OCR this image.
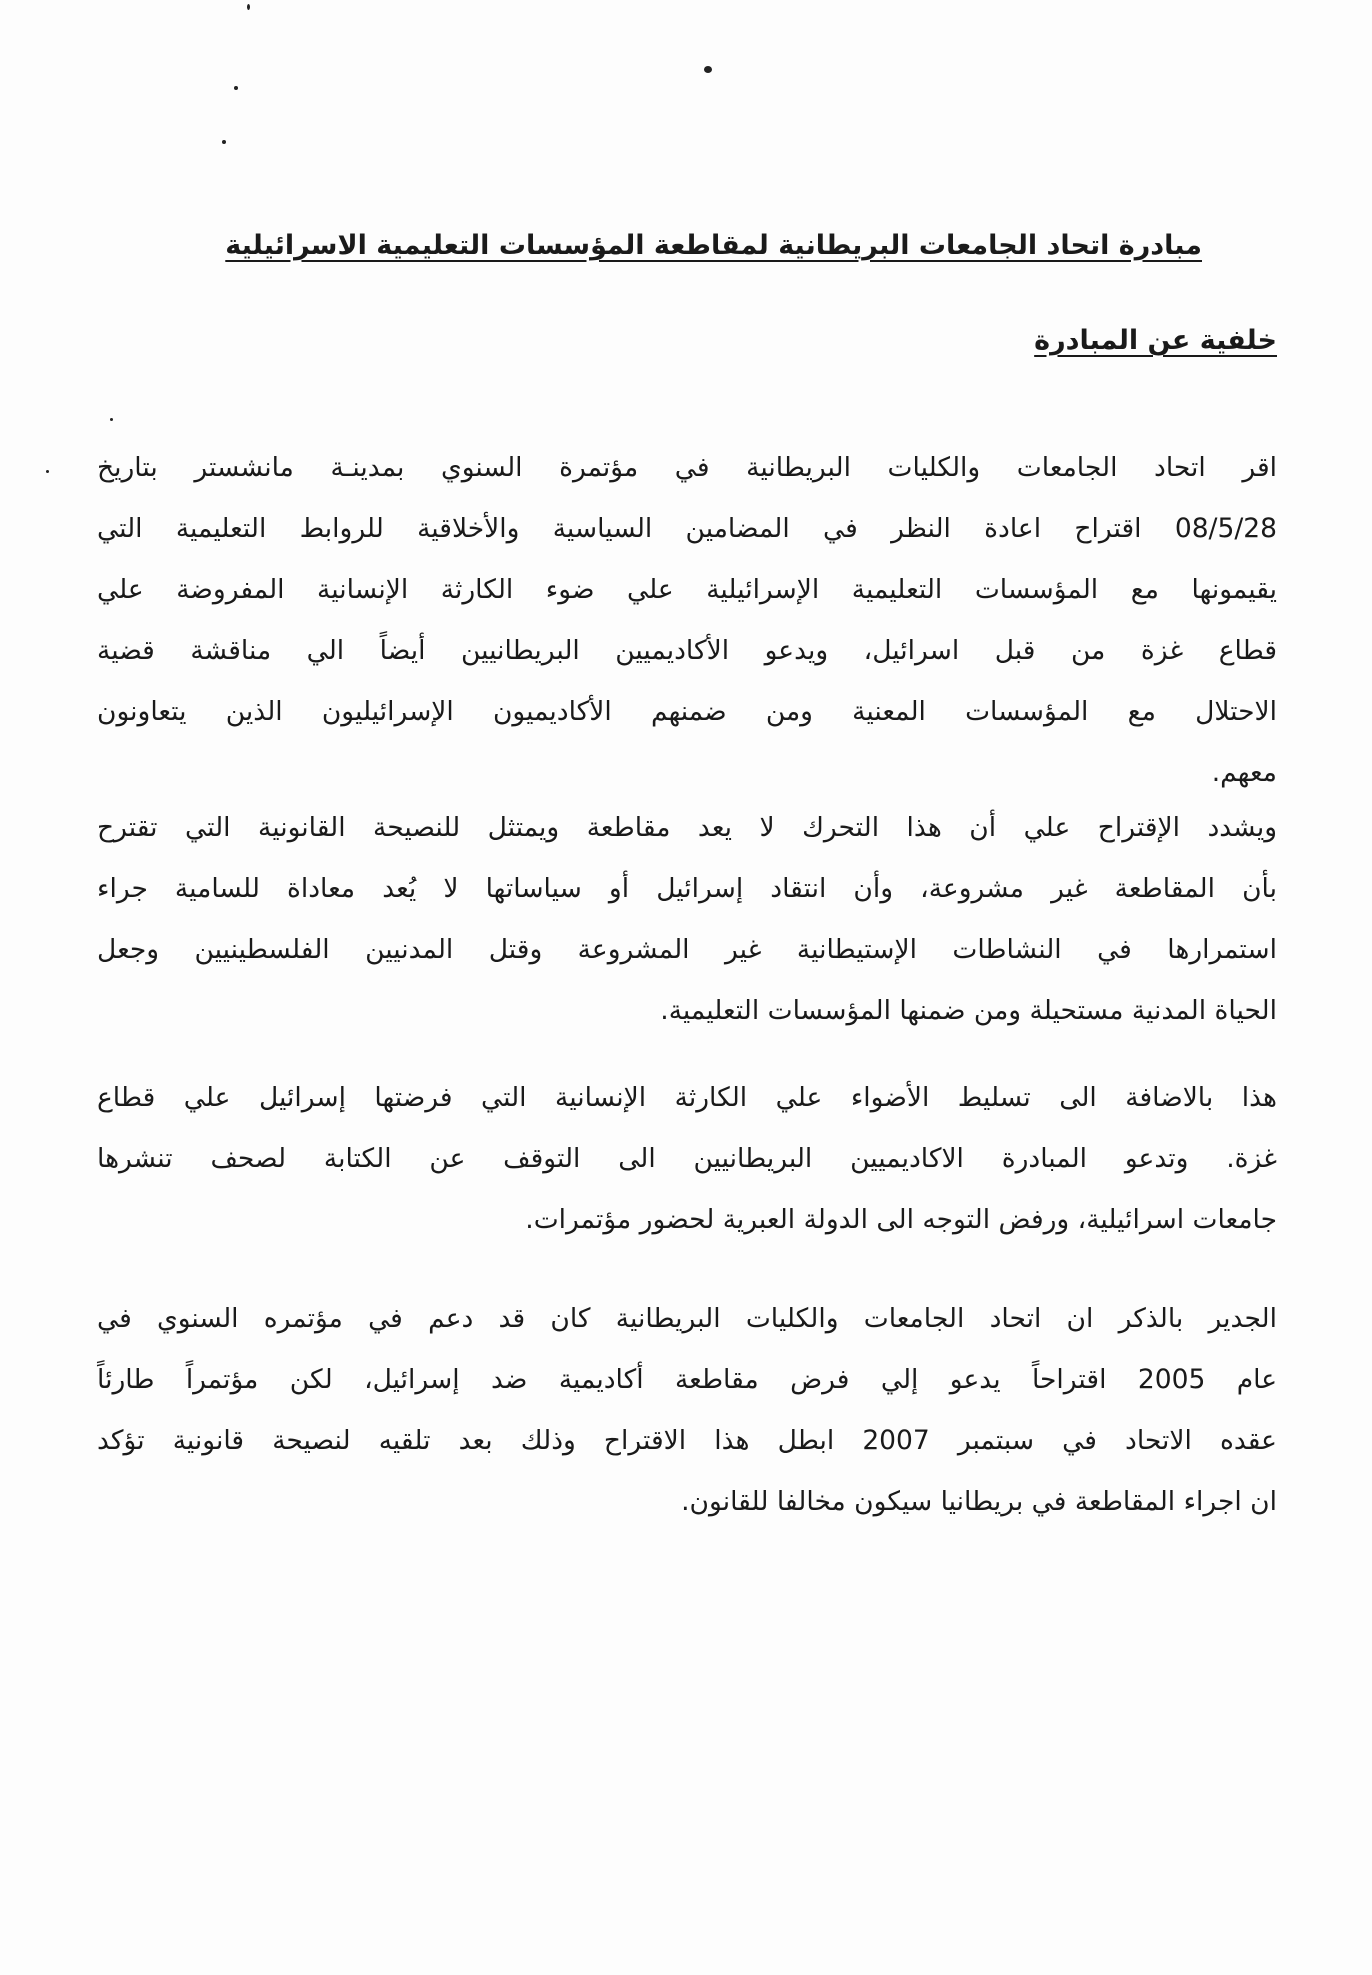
مبادرة اتحاد الجامعات البريطانية لمقاطعة المؤسسات التعليمية الاسرائيلية
خلفية عن المبادرة
اقر اتحاد الجامعات والكليات البريطانية في مؤتمرة السنوي بمدينـة مانشستر بتاريخ
08/5/28 اقتراح اعادة النظر في المضامين السياسية والأخلاقية للروابط التعليمية التي
يقيمونها مع المؤسسات التعليمية الإسرائيلية علي ضوء الكارثة الإنسانية المفروضة علي
قطاع غزة من قبل اسرائيل، ويدعو الأكاديميين البريطانيين أيضاً الي مناقشة قضية
الاحتلال مع المؤسسات المعنية ومن ضمنهم الأكاديميون الإسرائيليون الذين يتعاونون
معهم.
ويشدد الإقتراح علي أن هذا التحرك لا يعد مقاطعة ويمتثل للنصيحة القانونية التي تقترح
بأن المقاطعة غير مشروعة، وأن انتقاد إسرائيل أو سياساتها لا يُعد معاداة للسامية جراء
استمرارها في النشاطات الإستيطانية غير المشروعة وقتل المدنيين الفلسطينيين وجعل
الحياة المدنية مستحيلة ومن ضمنها المؤسسات التعليمية.
هذا بالاضافة الى تسليط الأضواء علي الكارثة الإنسانية التي فرضتها إسرائيل علي قطاع
غزة. وتدعو المبادرة الاكاديميين البريطانيين الى التوقف عن الكتابة لصحف تنشرها
جامعات اسرائيلية، ورفض التوجه الى الدولة العبرية لحضور مؤتمرات.
الجدير بالذكر ان اتحاد الجامعات والكليات البريطانية كان قد دعم في مؤتمره السنوي في
عام 2005 اقتراحاً يدعو إلي فرض مقاطعة أكاديمية ضد إسرائيل، لكن مؤتمراً طارئاً
عقده الاتحاد في سبتمبر 2007 ابطل هذا الاقتراح وذلك بعد تلقيه لنصيحة قانونية تؤكد
ان اجراء المقاطعة في بريطانيا سيكون مخالفا للقانون.
